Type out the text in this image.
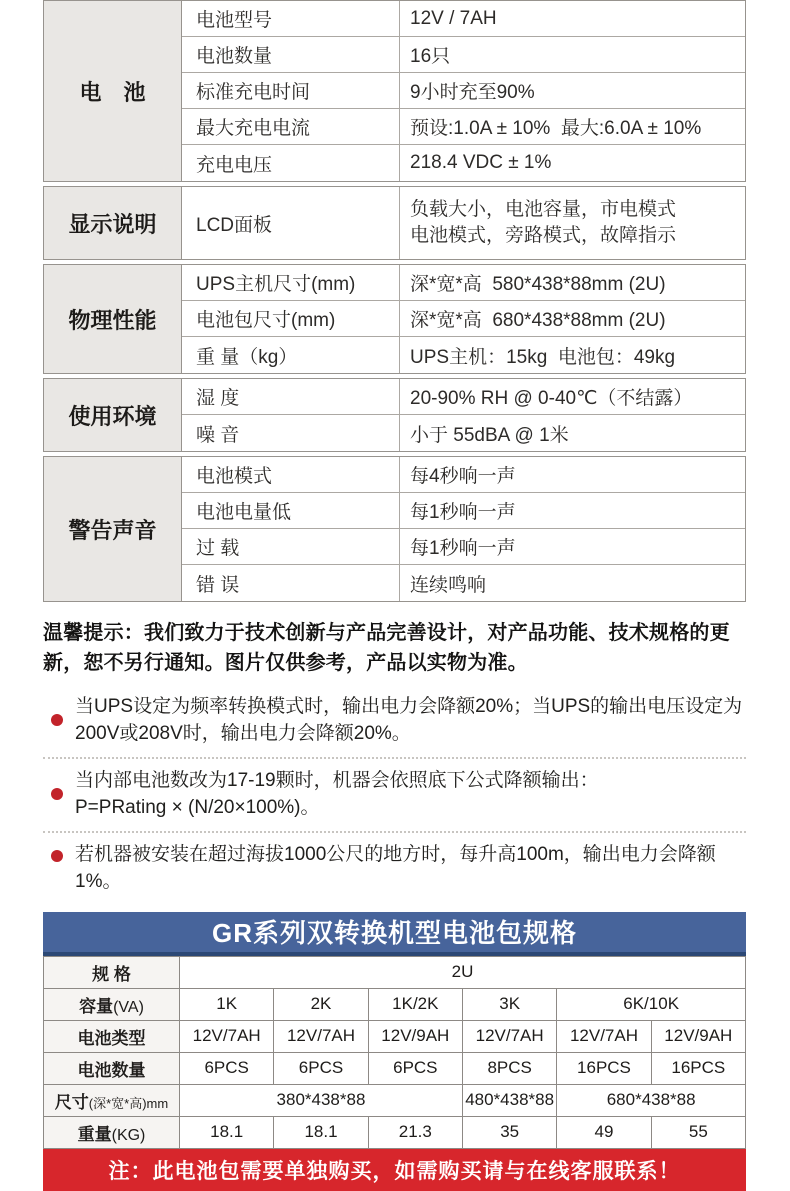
电　池
电池型号	12V / 7AH
电池数量	16只
标准充电时间	9小时充至90%
最大充电电流	预设:1.0A ± 10%  最大:6.0A ± 10%
充电电压	218.4 VDC ± 1%
显示说明	LCD面板
负载大小，电池容量，市电模式
电池模式，旁路模式，故障指示
物理性能
UPS主机尺寸(mm)	深*宽*高  580*438*88mm (2U)
电池包尺寸(mm)	深*宽*高  680*438*88mm (2U)
重 量（kg）	UPS主机：15kg  电池包：49kg
使用环境
湿 度	20-90% RH @ 0-40℃（不结露）
噪 音	小于 55dBA @ 1米
警告声音
电池模式	每4秒响一声
电池电量低	每1秒响一声
过 载	每1秒响一声
错 误	连续鸣响

温馨提示：我们致力于技术创新与产品完善设计，对产品功能、技术规格的更新，恕不另行通知。图片仅供参考，产品以实物为准。

当UPS设定为频率转换模式时，输出电力会降额20%；当UPS的输出电压设定为200V或208V时，输出电力会降额20%。
当内部电池数改为17-19颗时，机器会依照底下公式降额输出：
P=PRating × (N/20×100%)。
若机器被安装在超过海拔1000公尺的地方时，每升高100m，输出电力会降额1%。
GR系列双转换机型电池包规格
规 格	2U					
容量(VA)	1K	2K	1K/2K	3K	6K/10K	
电池类型	12V/7AH	12V/7AH	12V/9AH	12V/7AH	12V/7AH	12V/9AH
电池数量	6PCS	6PCS	6PCS	8PCS	16PCS	16PCS
尺寸(深*宽*高)mm	380*438*88			480*438*88	680*438*88	
重量(KG)	18.1	18.1	21.3	35	49	55
注：此电池包需要单独购买，如需购买请与在线客服联系！
